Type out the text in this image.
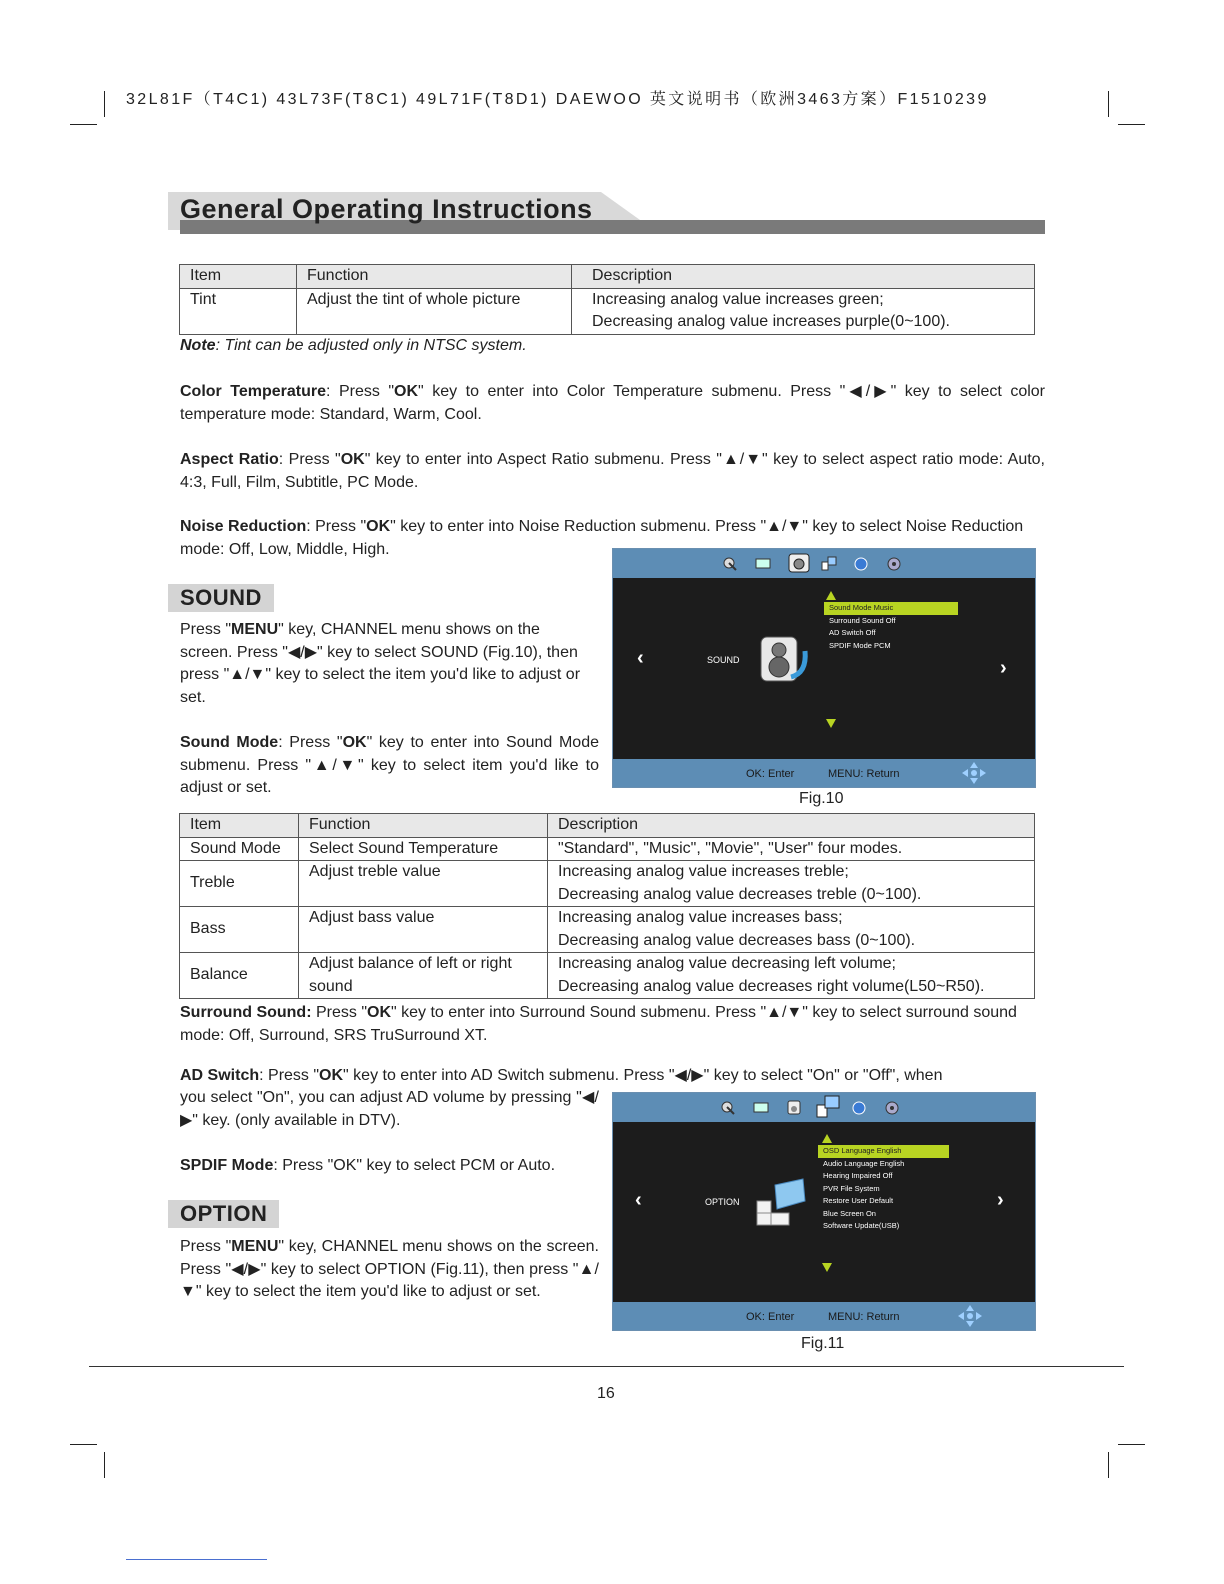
32L81F（T4C1) 43L73F(T8C1) 49L71F(T8D1) DAEWOO 英文说明书（欧洲3463方案）F1510239
General Operating Instructions
Item	Function	Description
Tint	Adjust the tint of whole picture	Increasing analog value increases green;
Decreasing analog value increases purple(0~100).
Note: Tint can be adjusted only in NTSC system.
Color Temperature: Press "OK" key to enter into Color Temperature submenu. Press "◀/▶" key to select color temperature mode: Standard, Warm, Cool.
Aspect Ratio: Press "OK" key to enter into Aspect Ratio submenu. Press "▲/▼" key to select aspect ratio mode: Auto, 4:3, Full, Film, Subtitle, PC Mode.
Noise Reduction: Press "OK" key to enter into Noise Reduction submenu. Press "▲/▼" key to select Noise Reduction mode: Off, Low, Middle, High.
SOUND
Press "MENU" key, CHANNEL menu shows on the screen. Press "◀/▶" key to select SOUND (Fig.10), then press "▲/▼" key to select the item you'd like to adjust or set.
Sound Mode: Press "OK" key to enter into Sound Mode submenu. Press "▲/▼" key to select item you'd like to adjust or set.
‹	›
SOUND
Sound Mode Music
Surround Sound Off
AD Switch Off
SPDIF Mode PCM
OK: Enter	MENU: Return
Fig.10
Item	Function	Description
Sound Mode	Select Sound Temperature	"Standard", "Music", "Movie", "User" four modes.
Treble	Adjust treble value	Increasing analog value increases treble;
Decreasing analog value decreases treble (0~100).

Bass	Adjust bass value	Increasing analog value increases bass;
Decreasing analog value decreases bass (0~100).

Balance	Adjust balance of left or right sound	Increasing analog value decreasing left volume;
Decreasing analog value decreases right volume(L50~R50).
Surround Sound: Press "OK" key to enter into Surround Sound submenu. Press "▲/▼" key to select surround sound mode: Off, Surround, SRS TruSurround XT.
AD Switch: Press "OK" key to enter into AD Switch submenu. Press "◀/▶" key to select "On" or "Off", when
you select "On", you can adjust AD volume by pressing "◀/▶" key. (only available in DTV).
SPDIF Mode: Press "OK" key to select PCM or Auto.
OPTION
Press "MENU" key, CHANNEL menu shows on the screen. Press "◀/▶" key to select OPTION (Fig.11), then press "▲/▼" key to select the item you'd like to adjust or set.
‹	›
OPTION
OSD Language English
Audio Language English
Hearing Impaired Off
PVR File System
Restore User Default
Blue Screen On
Software Update(USB)
OK: Enter	MENU: Return
Fig.11
16
